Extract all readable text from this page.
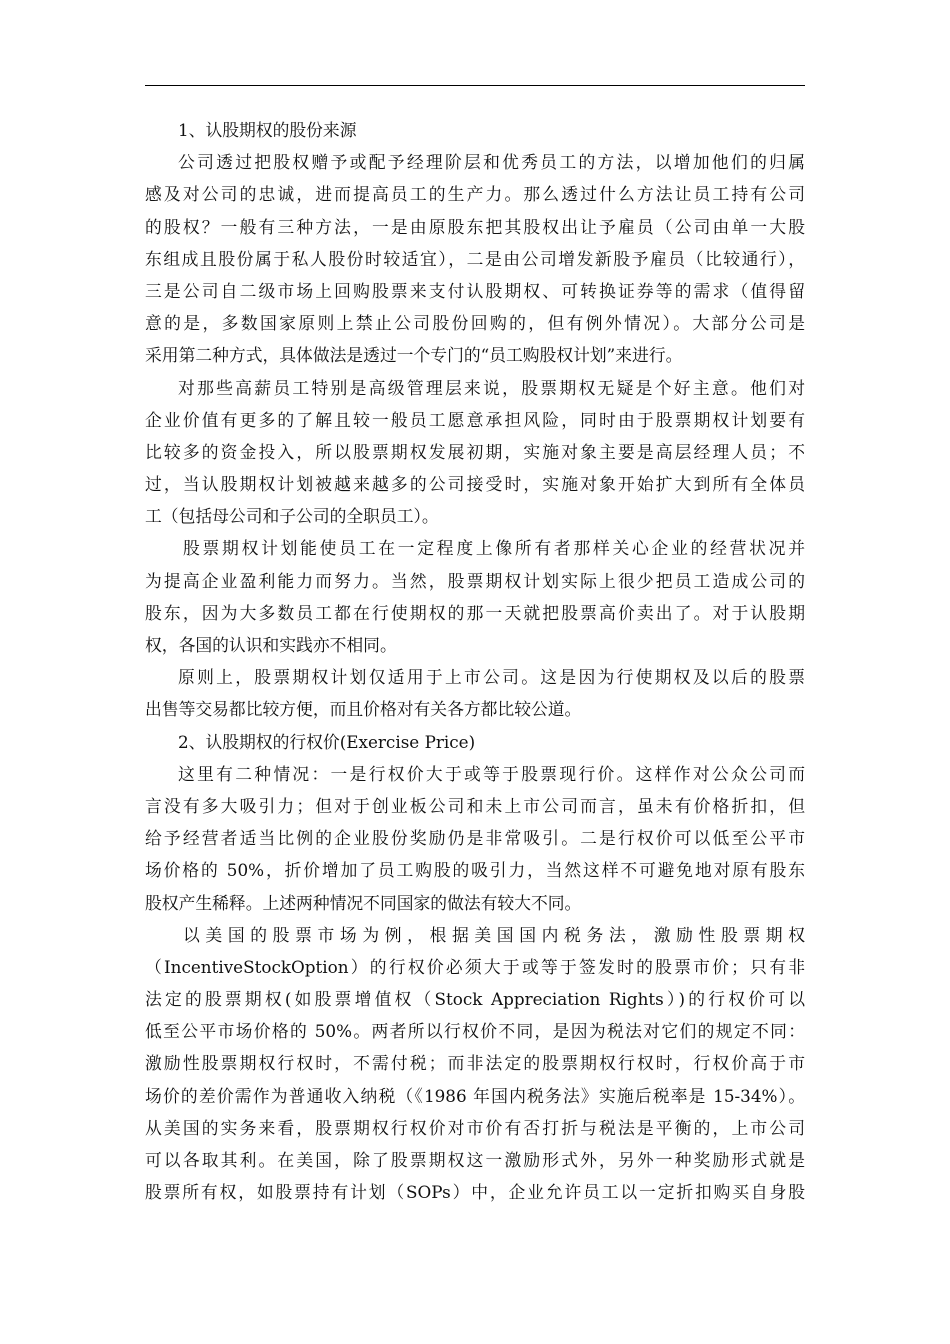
1、认股期权的股份来源
公司透过把股权赠予或配予经理阶层和优秀员工的方法，以增加他们的归属
感及对公司的忠诚，进而提高员工的生产力。那么透过什么方法让员工持有公司
的股权？一般有三种方法，一是由原股东把其股权出让予雇员（公司由单一大股
东组成且股份属于私人股份时较适宜），二是由公司增发新股予雇员（比较通行），
三是公司自二级市场上回购股票来支付认股期权、可转换证券等的需求（值得留
意的是，多数国家原则上禁止公司股份回购的，但有例外情况）。大部分公司是
采用第二种方式，具体做法是透过一个专门的“员工购股权计划”来进行。
对那些高薪员工特别是高级管理层来说，股票期权无疑是个好主意。他们对
企业价值有更多的了解且较一般员工愿意承担风险，同时由于股票期权计划要有
比较多的资金投入，所以股票期权发展初期，实施对象主要是高层经理人员；不
过，当认股期权计划被越来越多的公司接受时，实施对象开始扩大到所有全体员
工（包括母公司和子公司的全职员工）。
股票期权计划能使员工在一定程度上像所有者那样关心企业的经营状况并
为提高企业盈利能力而努力。当然，股票期权计划实际上很少把员工造成公司的
股东，因为大多数员工都在行使期权的那一天就把股票高价卖出了。对于认股期
权，各国的认识和实践亦不相同。
原则上，股票期权计划仅适用于上市公司。这是因为行使期权及以后的股票
出售等交易都比较方便，而且价格对有关各方都比较公道。
2、认股期权的行权价(Exercise Price)
这里有二种情况：一是行权价大于或等于股票现行价。这样作对公众公司而
言没有多大吸引力；但对于创业板公司和未上市公司而言，虽未有价格折扣，但
给予经营者适当比例的企业股份奖励仍是非常吸引。二是行权价可以低至公平市
场价格的 50%，折价增加了员工购股的吸引力，当然这样不可避免地对原有股东
股权产生稀释。上述两种情况不同国家的做法有较大不同。
以美国的股票市场为例，根据美国国内税务法，激励性股票期权
（IncentiveStockOption）的行权价必须大于或等于签发时的股票市价；只有非
法定的股票期权(如股票增值权（Stock Appreciation Rights）)的行权价可以
低至公平市场价格的 50%。两者所以行权价不同，是因为税法对它们的规定不同：
激励性股票期权行权时，不需付税；而非法定的股票期权行权时，行权价高于市
场价的差价需作为普通收入纳税（《1986 年国内税务法》实施后税率是 15-34%）。
从美国的实务来看，股票期权行权价对市价有否打折与税法是平衡的，上市公司
可以各取其利。在美国，除了股票期权这一激励形式外，另外一种奖励形式就是
股票所有权，如股票持有计划（SOPs）中，企业允许员工以一定折扣购买自身股
